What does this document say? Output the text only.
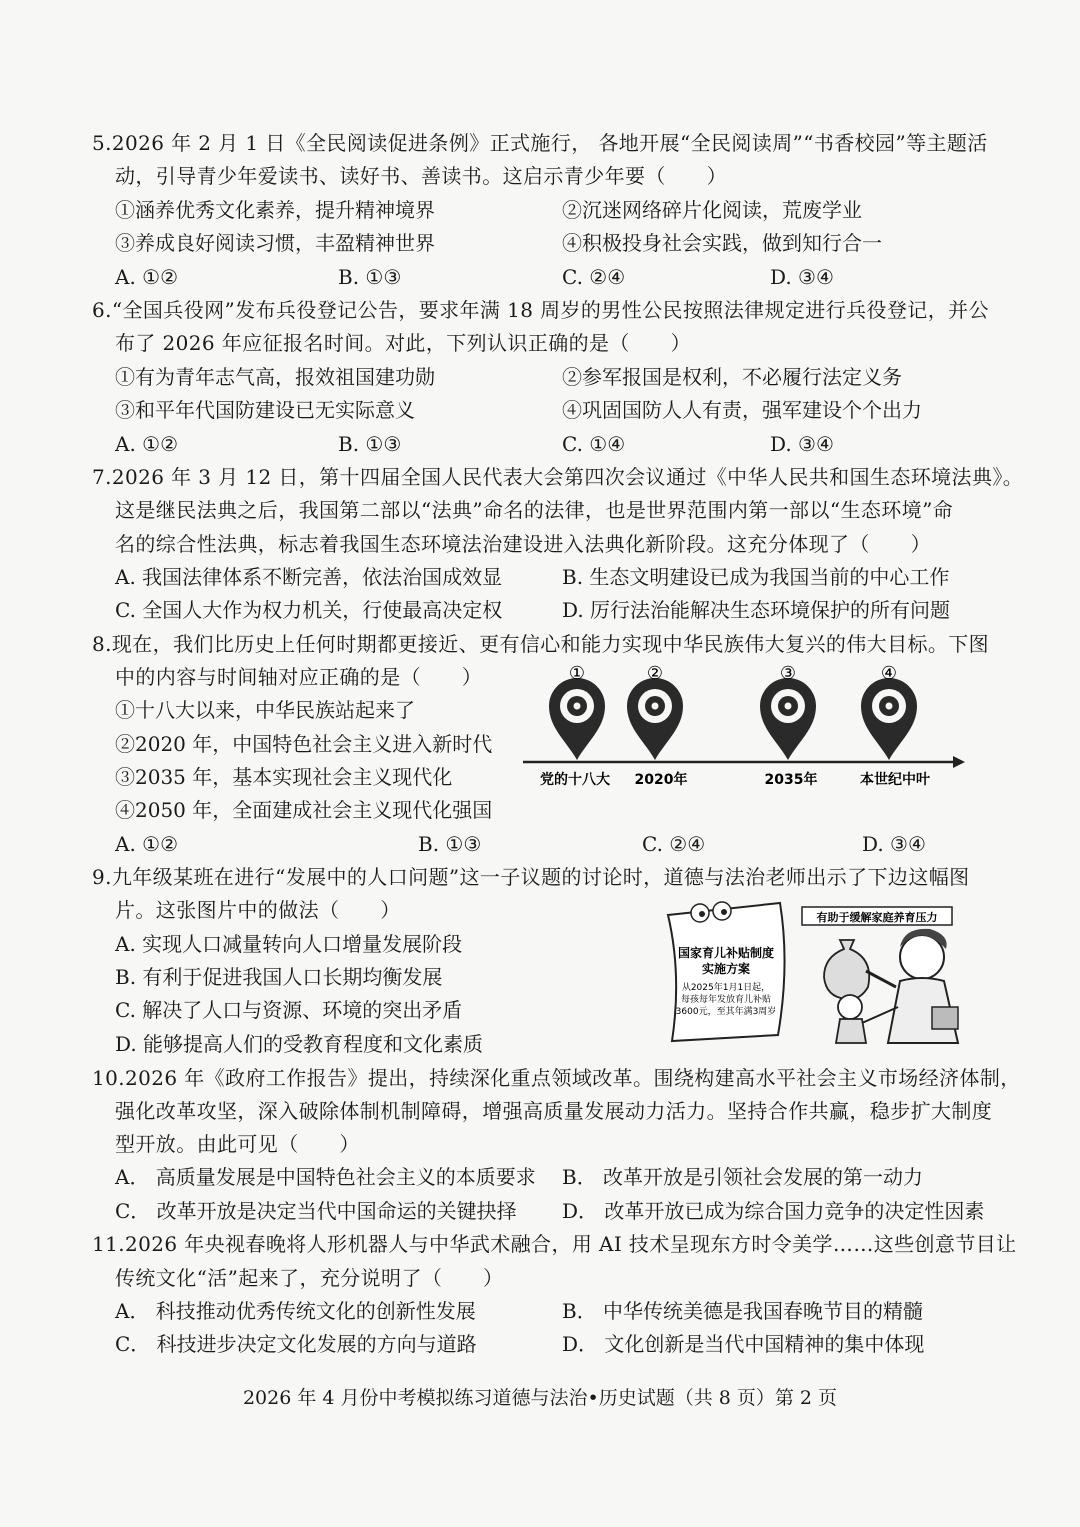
5.2026 年 2 月 1 日《全民阅读促进条例》正式施行， 各地开展“全民阅读周”“书香校园”等主题活
动，引导青少年爱读书、读好书、善读书。这启示青少年要（　　）
①涵养优秀文化素养，提升精神境界	②沉迷网络碎片化阅读，荒废学业
③养成良好阅读习惯，丰盈精神世界	④积极投身社会实践，做到知行合一
A. ①②	B. ①③	C. ②④	D. ③④
6.“全国兵役网”发布兵役登记公告，要求年满 18 周岁的男性公民按照法律规定进行兵役登记，并公
布了 2026 年应征报名时间。对此，下列认识正确的是（　　）
①有为青年志气高，报效祖国建功勋	②参军报国是权利，不必履行法定义务
③和平年代国防建设已无实际意义	④巩固国防人人有责，强军建设个个出力
A. ①②	B. ①③	C. ①④	D. ③④
7.2026 年 3 月 12 日，第十四届全国人民代表大会第四次会议通过《中华人民共和国生态环境法典》。
这是继民法典之后，我国第二部以“法典”命名的法律，也是世界范围内第一部以“生态环境”命
名的综合性法典，标志着我国生态环境法治建设进入法典化新阶段。这充分体现了（　　）
A. 我国法律体系不断完善，依法治国成效显	B. 生态文明建设已成为我国当前的中心工作
C. 全国人大作为权力机关，行使最高决定权	D. 厉行法治能解决生态环境保护的所有问题
8.现在，我们比历史上任何时期都更接近、更有信心和能力实现中华民族伟大复兴的伟大目标。下图
中的内容与时间轴对应正确的是（　　）
①十八大以来，中华民族站起来了
②2020 年，中国特色社会主义进入新时代
③2035 年，基本实现社会主义现代化
④2050 年，全面建成社会主义现代化强国
A. ①②	B. ①③	C. ②④	D. ③④
①	②	③	④
党的十八大 2020年	2035年	本世纪中叶
9.九年级某班在进行“发展中的人口问题”这一子议题的讨论时，道德与法治老师出示了下边这幅图
片。这张图片中的做法（　　）
A. 实现人口减量转向人口增量发展阶段
B. 有利于促进我国人口长期均衡发展
C. 解决了人口与资源、环境的突出矛盾
D. 能够提高人们的受教育程度和文化素质
有助于缓解家庭养育压力
国家育儿补贴制度
实施方案
从2025年1月1日起，
每孩每年发放育儿补贴
3600元，至其年满3周岁
10.2026 年《政府工作报告》提出，持续深化重点领域改革。围绕构建高水平社会主义市场经济体制，
强化改革攻坚，深入破除体制机制障碍，增强高质量发展动力活力。坚持合作共赢，稳步扩大制度
型开放。由此可见（　　）
A． 高质量发展是中国特色社会主义的本质要求 B． 改革开放是引领社会发展的第一动力
C． 改革开放是决定当代中国命运的关键抉择 D． 改革开放已成为综合国力竞争的决定性因素
11.2026 年央视春晚将人形机器人与中华武术融合，用 AI 技术呈现东方时令美学……这些创意节目让
传统文化“活”起来了，充分说明了（　　）
A． 科技推动优秀传统文化的创新性发展	B． 中华传统美德是我国春晚节目的精髓
C． 科技进步决定文化发展的方向与道路	D． 文化创新是当代中国精神的集中体现
2026 年 4 月份中考模拟练习道德与法治•历史试题（共 8 页）第 2 页
